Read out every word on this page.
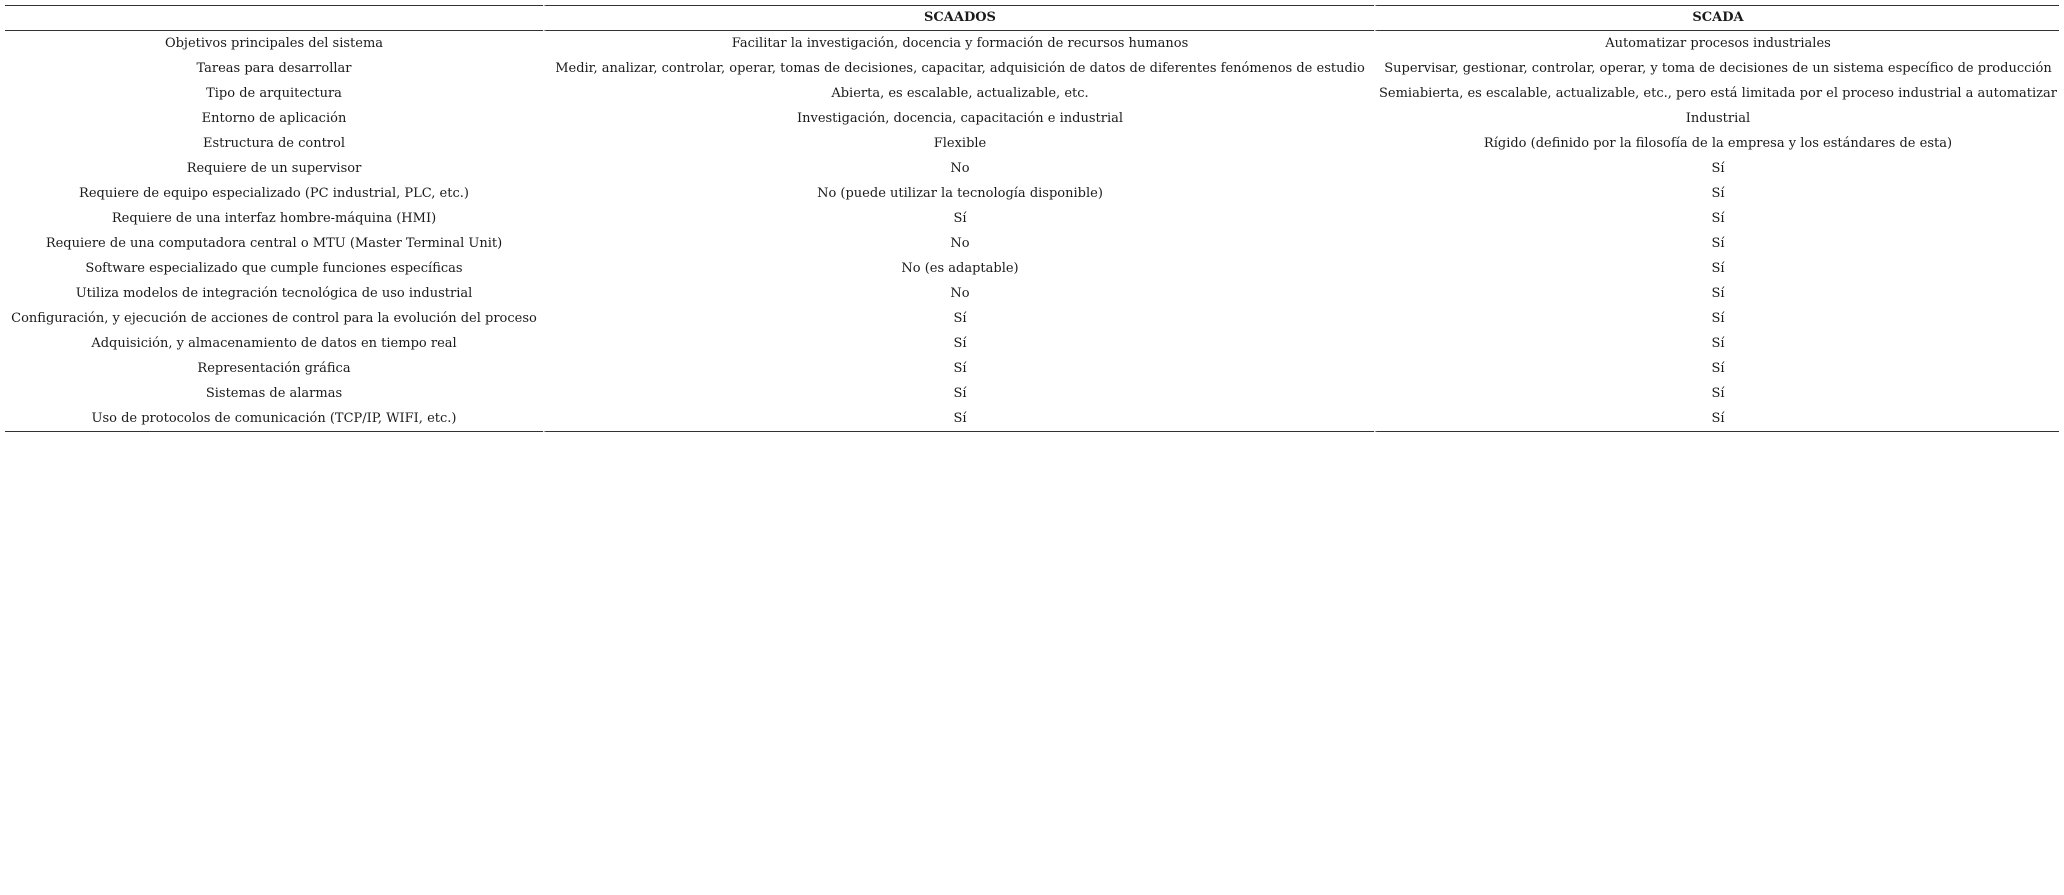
	SCAADOS	SCADA
Objetivos principales del sistema	Facilitar la investigación, docencia y formación de recursos humanos	Automatizar procesos industriales
Tareas para desarrollar	Medir, analizar, controlar, operar, tomas de decisiones, capacitar, adquisición de datos de diferentes fenómenos de estudio	Supervisar, gestionar, controlar, operar, y toma de decisiones de un sistema específico de producción
Tipo de arquitectura	Abierta, es escalable, actualizable, etc.	Semiabierta, es escalable, actualizable, etc., pero está limitada por el proceso industrial a automatizar
Entorno de aplicación	Investigación, docencia, capacitación e industrial	Industrial
Estructura de control	Flexible	Rígido (definido por la filosofía de la empresa y los estándares de esta)
Requiere de un supervisor	No	Sí
Requiere de equipo especializado (PC industrial, PLC, etc.)	No (puede utilizar la tecnología disponible)	Sí
Requiere de una interfaz hombre-máquina (HMI)	Sí	Sí
Requiere de una computadora central o MTU (Master Terminal Unit)	No	Sí
Software especializado que cumple funciones específicas	No (es adaptable)	Sí
Utiliza modelos de integración tecnológica de uso industrial	No	Sí
Configuración, y ejecución de acciones de control para la evolución del proceso	Sí	Sí
Adquisición, y almacenamiento de datos en tiempo real	Sí	Sí
Representación gráfica	Sí	Sí
Sistemas de alarmas	Sí	Sí
Uso de protocolos de comunicación (TCP/IP, WIFI, etc.)	Sí	Sí
